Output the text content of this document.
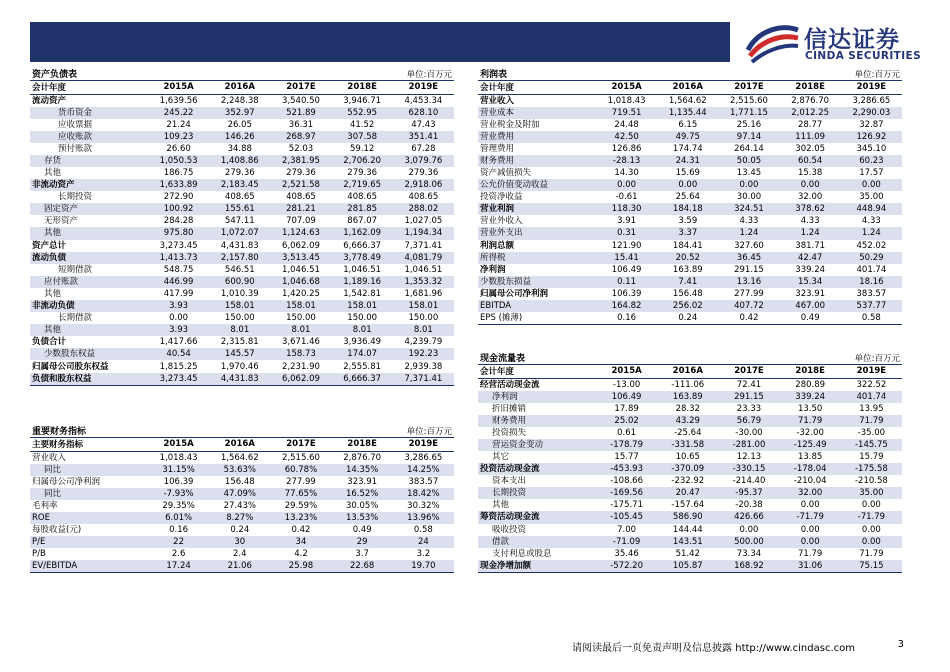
信达证券
CINDA SECURITIES
资产负债表	单位:百万元
会计年度	2015A	2016A	2017E	2018E	2019E
流动资产	1,639.56	2,248.38	3,540.50	3,946.71	4,453.34
货币资金	245.22	352.97	521.89	552.95	628.10
应收票据	21.24	26.05	36.31	41.52	47.43
应收账款	109.23	146.26	268.97	307.58	351.41
预付账款	26.60	34.88	52.03	59.12	67.28
存货	1,050.53	1,408.86	2,381.95	2,706.20	3,079.76
其他	186.75	279.36	279.36	279.36	279.36
非流动资产	1,633.89	2,183.45	2,521.58	2,719.65	2,918.06
长期投资	272.90	408.65	408.65	408.65	408.65
固定资产	100.92	155.61	281.21	281.85	288.02
无形资产	284.28	547.11	707.09	867.07	1,027.05
其他	975.80	1,072.07	1,124.63	1,162.09	1,194.34
资产总计	3,273.45	4,431.83	6,062.09	6,666.37	7,371.41
流动负债	1,413.73	2,157.80	3,513.45	3,778.49	4,081.79
短期借款	548.75	546.51	1,046.51	1,046.51	1,046.51
应付账款	446.99	600.90	1,046.68	1,189.16	1,353.32
其他	417.99	1,010.39	1,420.25	1,542.81	1,681.96
非流动负债	3.93	158.01	158.01	158.01	158.01
长期借款	0.00	150.00	150.00	150.00	150.00
其他	3.93	8.01	8.01	8.01	8.01
负债合计	1,417.66	2,315.81	3,671.46	3,936.49	4,239.79
少数股东权益	40.54	145.57	158.73	174.07	192.23
归属母公司股东权益	1,815.25	1,970.46	2,231.90	2,555.81	2,939.38
负债和股东权益	3,273.45	4,431.83	6,062.09	6,666.37	7,371.41
重要财务指标	单位:百万元
主要财务指标	2015A	2016A	2017E	2018E	2019E
营业收入	1,018.43	1,564.62	2,515.60	2,876.70	3,286.65
同比	31.15%	53.63%	60.78%	14.35%	14.25%
归属母公司净利润	106.39	156.48	277.99	323.91	383.57
同比	-7.93%	47.09%	77.65%	16.52%	18.42%
毛利率	29.35%	27.43%	29.59%	30.05%	30.32%
ROE	6.01%	8.27%	13.23%	13.53%	13.96%
每股收益(元)	0.16	0.24	0.42	0.49	0.58
P/E	22	30	34	29	24
P/B	2.6	2.4	4.2	3.7	3.2
EV/EBITDA	17.24	21.06	25.98	22.68	19.70
利润表	单位:百万元
会计年度	2015A	2016A	2017E	2018E	2019E
营业收入	1,018.43	1,564.62	2,515.60	2,876.70	3,286.65
营业成本	719.51	1,135.44	1,771.15	2,012.25	2,290.03
营业税金及附加	24.48	6.15	25.16	28.77	32.87
营业费用	42.50	49.75	97.14	111.09	126.92
管理费用	126.86	174.74	264.14	302.05	345.10
财务费用	-28.13	24.31	50.05	60.54	60.23
资产减值损失	14.30	15.69	13.45	15.38	17.57
公允价值变动收益	0.00	0.00	0.00	0.00	0.00
投资净收益	-0.61	25.64	30.00	32.00	35.00
营业利润	118.30	184.18	324.51	378.62	448.94
营业外收入	3.91	3.59	4.33	4.33	4.33
营业外支出	0.31	3.37	1.24	1.24	1.24
利润总额	121.90	184.41	327.60	381.71	452.02
所得税	15.41	20.52	36.45	42.47	50.29
净利润	106.49	163.89	291.15	339.24	401.74
少数股东损益	0.11	7.41	13.16	15.34	18.16
归属母公司净利润	106.39	156.48	277.99	323.91	383.57
EBITDA	164.82	256.02	407.72	467.00	537.77
EPS (摊薄)	0.16	0.24	0.42	0.49	0.58
现金流量表	单位:百万元
会计年度	2015A	2016A	2017E	2018E	2019E
经营活动现金流	-13.00	-111.06	72.41	280.89	322.52
净利润	106.49	163.89	291.15	339.24	401.74
折旧摊销	17.89	28.32	23.33	13.50	13.95
财务费用	25.02	43.29	56.79	71.79	71.79
投资损失	0.61	-25.64	-30.00	-32.00	-35.00
营运资金变动	-178.79	-331.58	-281.00	-125.49	-145.75
其它	15.77	10.65	12.13	13.85	15.79
投资活动现金流	-453.93	-370.09	-330.15	-178.04	-175.58
资本支出	-108.66	-232.92	-214.40	-210.04	-210.58
长期投资	-169.56	20.47	-95.37	32.00	35.00
其他	-175.71	-157.64	-20.38	0.00	0.00
筹资活动现金流	-105.45	586.90	426.66	-71.79	-71.79
吸收投资	7.00	144.44	0.00	0.00	0.00
借款	-71.09	143.51	500.00	0.00	0.00
支付利息或股息	35.46	51.42	73.34	71.79	71.79
现金净增加额	-572.20	105.87	168.92	31.06	75.15
请阅读最后一页免责声明及信息披露 http://www.cindasc.com	3
